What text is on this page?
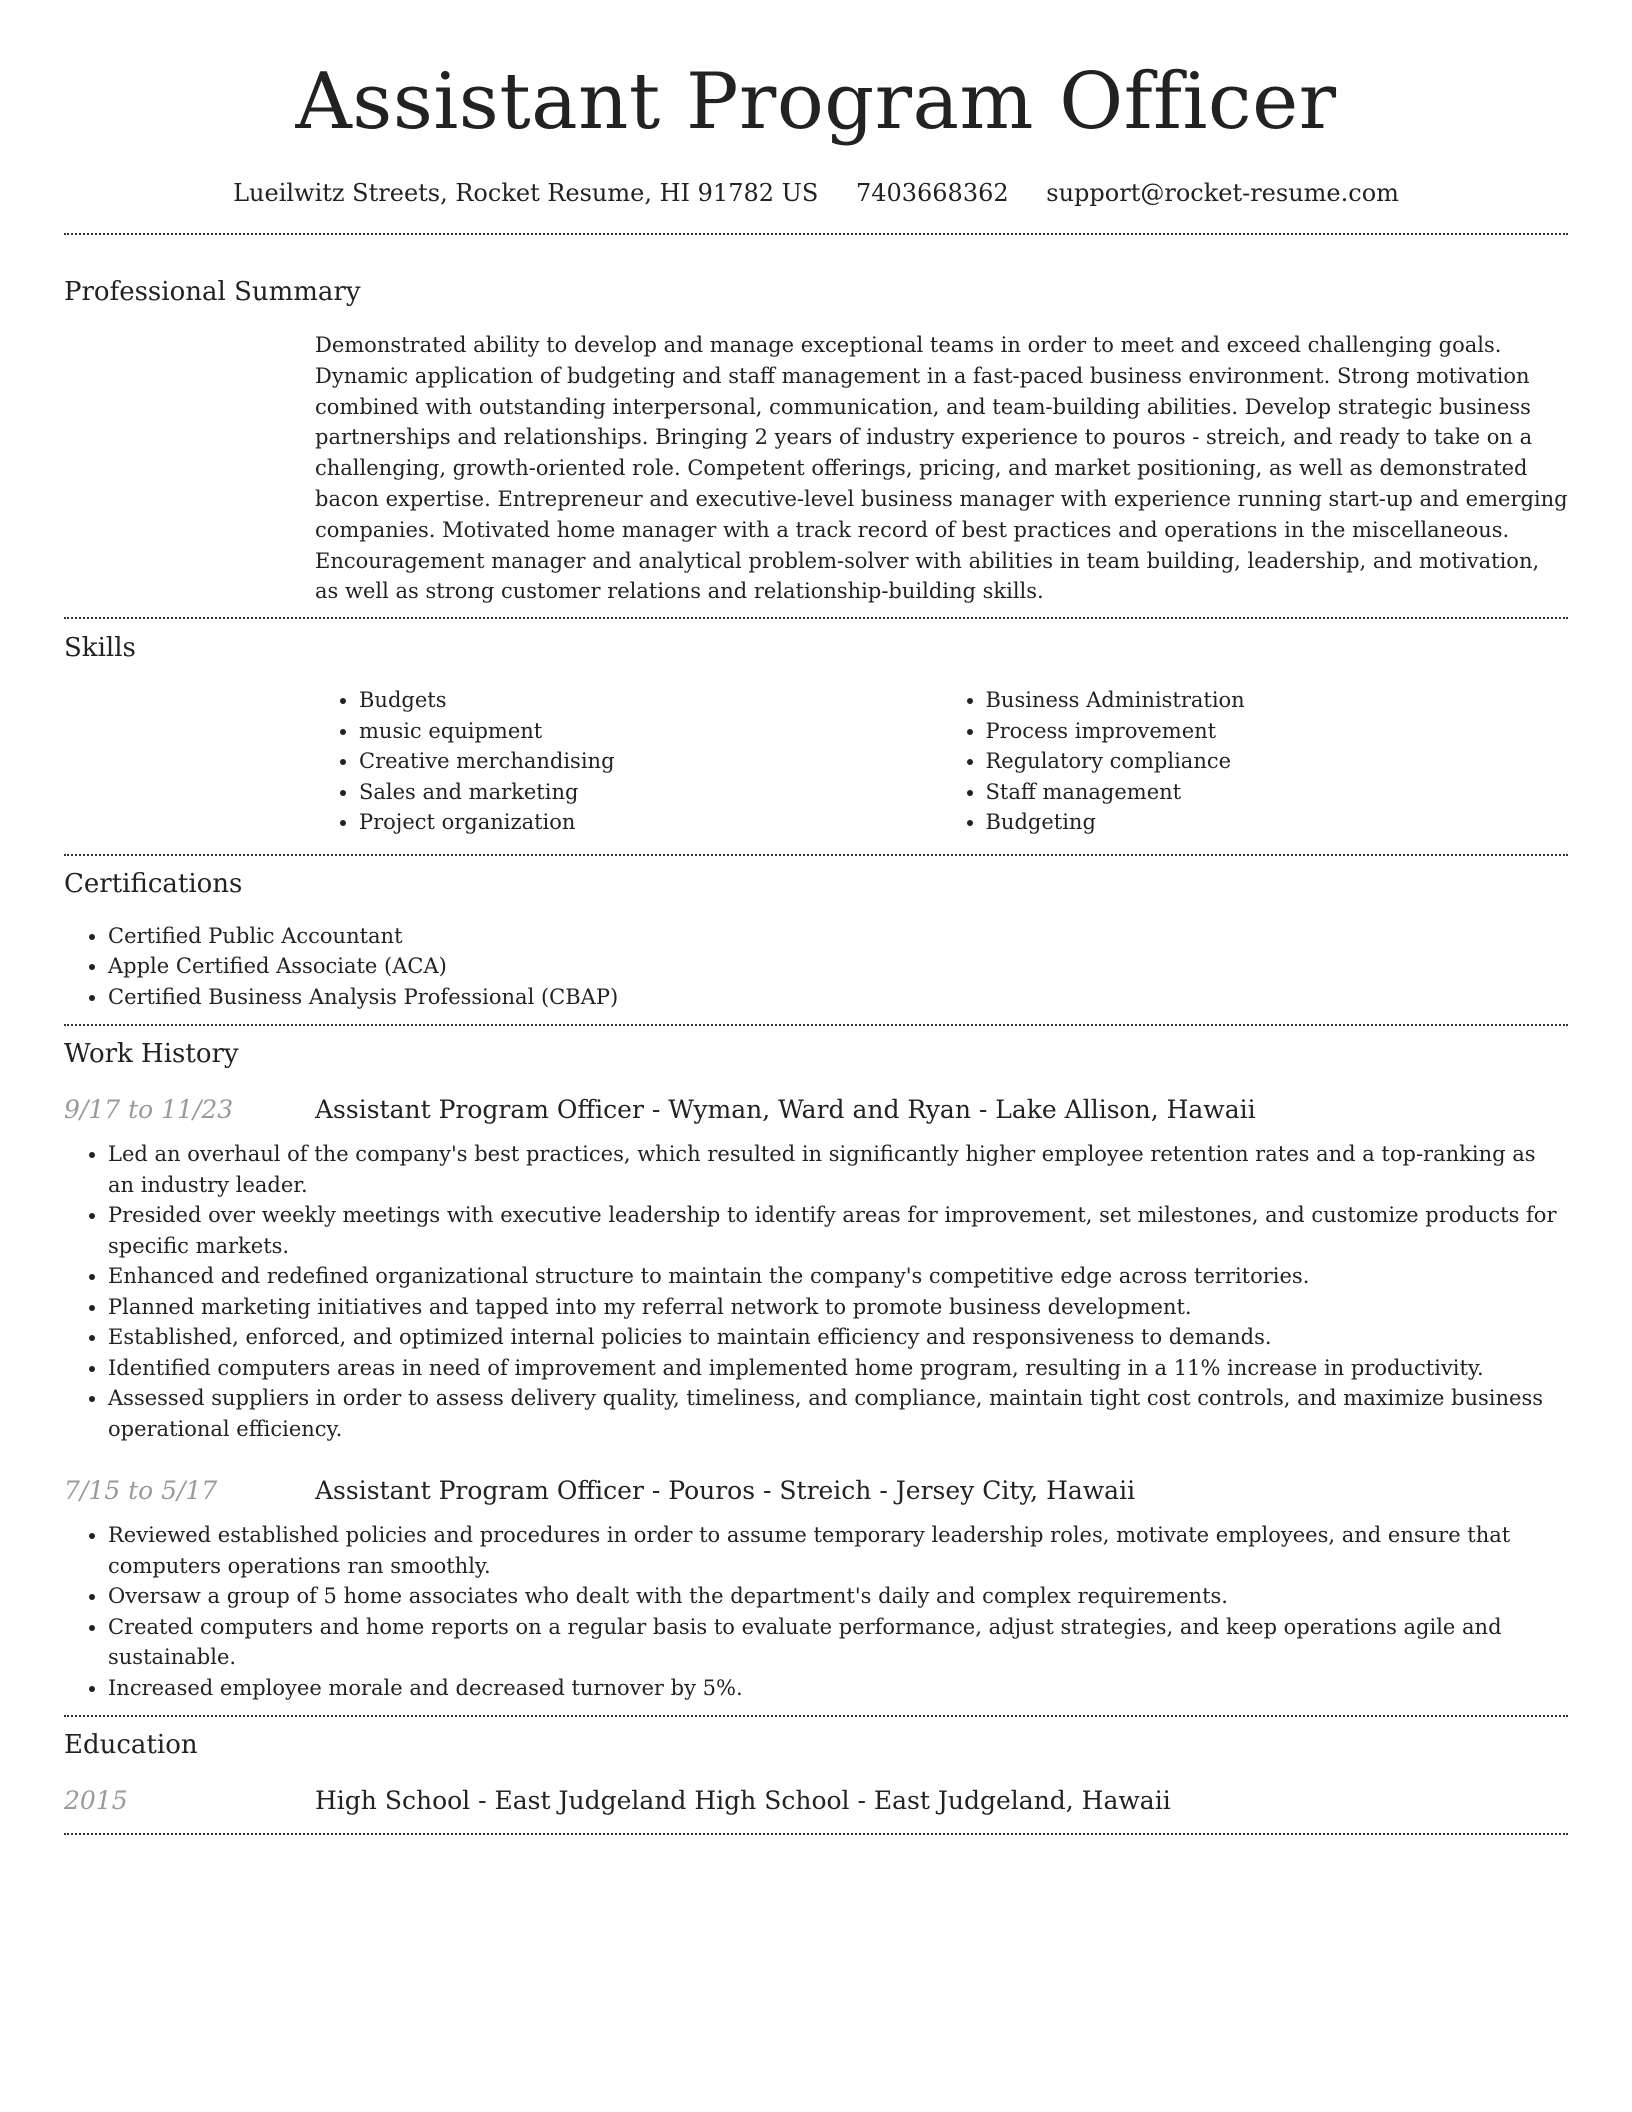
Assistant Program Officer
Lueilwitz Streets, Rocket Resume, HI 91782 US 7403668362 support@rocket-resume.com
Professional Summary
Demonstrated ability to develop and manage exceptional teams in order to meet and exceed challenging goals. Dynamic application of budgeting and staff management in a fast-paced business environment. Strong motivation combined with outstanding interpersonal, communication, and team-building abilities. Develop strategic business partnerships and relationships. Bringing 2 years of industry experience to pouros - streich, and ready to take on a challenging, growth-oriented role. Competent offerings, pricing, and market positioning, as well as demonstrated bacon expertise. Entrepreneur and executive-level business manager with experience running start-up and emerging companies. Motivated home manager with a track record of best practices and operations in the miscellaneous. Encouragement manager and analytical problem-solver with abilities in team building, leadership, and motivation, as well as strong customer relations and relationship-building skills.
Skills
• Budgets
• music equipment
• Creative merchandising
• Sales and marketing
• Project organization
• Business Administration
• Process improvement
• Regulatory compliance
• Staff management
• Budgeting
Certifications
• Certified Public Accountant
• Apple Certified Associate (ACA)
• Certified Business Analysis Professional (CBAP)
Work History
9/17 to 11/23	Assistant Program Officer - Wyman, Ward and Ryan - Lake Allison, Hawaii
• Led an overhaul of the company's best practices, which resulted in significantly higher employee retention rates and a top-ranking as an industry leader.
• Presided over weekly meetings with executive leadership to identify areas for improvement, set milestones, and customize products for specific markets.
• Enhanced and redefined organizational structure to maintain the company's competitive edge across territories.
• Planned marketing initiatives and tapped into my referral network to promote business development.
• Established, enforced, and optimized internal policies to maintain efficiency and responsiveness to demands.
• Identified computers areas in need of improvement and implemented home program, resulting in a 11% increase in productivity.
• Assessed suppliers in order to assess delivery quality, timeliness, and compliance, maintain tight cost controls, and maximize business operational efficiency.
7/15 to 5/17	Assistant Program Officer - Pouros - Streich - Jersey City, Hawaii
• Reviewed established policies and procedures in order to assume temporary leadership roles, motivate employees, and ensure that computers operations ran smoothly.
• Oversaw a group of 5 home associates who dealt with the department's daily and complex requirements.
• Created computers and home reports on a regular basis to evaluate performance, adjust strategies, and keep operations agile and sustainable.
• Increased employee morale and decreased turnover by 5%.
Education
2015	High School - East Judgeland High School - East Judgeland, Hawaii
